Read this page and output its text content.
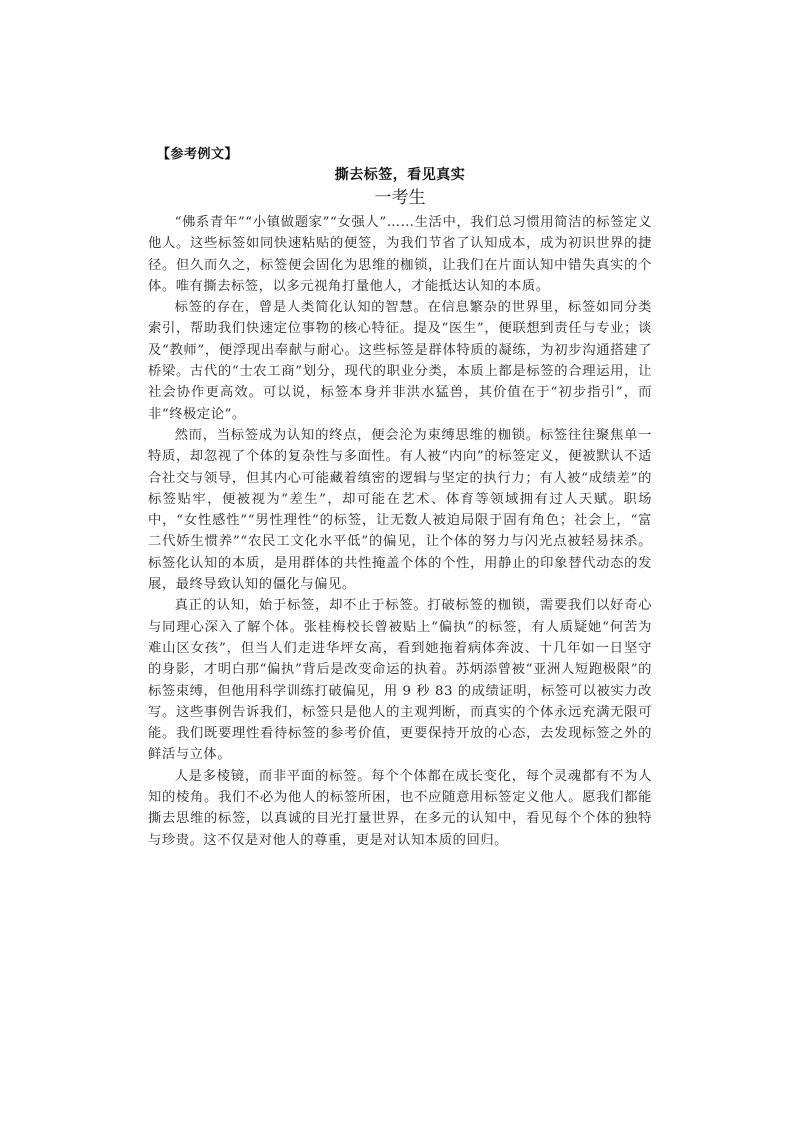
【参考例文】
撕去标签，看见真实
一考生

“佛系青年”“小镇做题家”“女强人”……生活中，我们总习惯用简洁的标签定义他人。这些标签如同快速粘贴的便签，为我们节省了认知成本，成为初识世界的捷径。但久而久之，标签便会固化为思维的枷锁，让我们在片面认知中错失真实的个体。唯有撕去标签，以多元视角打量他人，才能抵达认知的本质。

标签的存在，曾是人类简化认知的智慧。在信息繁杂的世界里，标签如同分类索引，帮助我们快速定位事物的核心特征。提及“医生”，便联想到责任与专业；谈及“教师”，便浮现出奉献与耐心。这些标签是群体特质的凝练，为初步沟通搭建了桥梁。古代的“士农工商”划分，现代的职业分类，本质上都是标签的合理运用，让社会协作更高效。可以说，标签本身并非洪水猛兽，其价值在于“初步指引”，而非“终极定论”。

然而，当标签成为认知的终点，便会沦为束缚思维的枷锁。标签往往聚焦单一特质，却忽视了个体的复杂性与多面性。有人被“内向”的标签定义，便被默认不适合社交与领导，但其内心可能藏着缜密的逻辑与坚定的执行力；有人被“成绩差”的标签贴牢，便被视为“差生”，却可能在艺术、体育等领域拥有过人天赋。职场中，“女性感性”“男性理性”的标签，让无数人被迫局限于固有角色；社会上，“富二代娇生惯养”“农民工文化水平低”的偏见，让个体的努力与闪光点被轻易抹杀。标签化认知的本质，是用群体的共性掩盖个体的个性，用静止的印象替代动态的发展，最终导致认知的僵化与偏见。

真正的认知，始于标签，却不止于标签。打破标签的枷锁，需要我们以好奇心与同理心深入了解个体。张桂梅校长曾被贴上“偏执”的标签，有人质疑她“何苦为难山区女孩”，但当人们走进华坪女高，看到她拖着病体奔波、十几年如一日坚守的身影，才明白那“偏执”背后是改变命运的执着。苏炳添曾被“亚洲人短跑极限”的标签束缚，但他用科学训练打破偏见，用 9 秒 83 的成绩证明，标签可以被实力改写。这些事例告诉我们，标签只是他人的主观判断，而真实的个体永远充满无限可能。我们既要理性看待标签的参考价值，更要保持开放的心态，去发现标签之外的鲜活与立体。

人是多棱镜，而非平面的标签。每个个体都在成长变化，每个灵魂都有不为人知的棱角。我们不必为他人的标签所困，也不应随意用标签定义他人。愿我们都能撕去思维的标签，以真诚的目光打量世界，在多元的认知中，看见每个个体的独特与珍贵。这不仅是对他人的尊重，更是对认知本质的回归。
